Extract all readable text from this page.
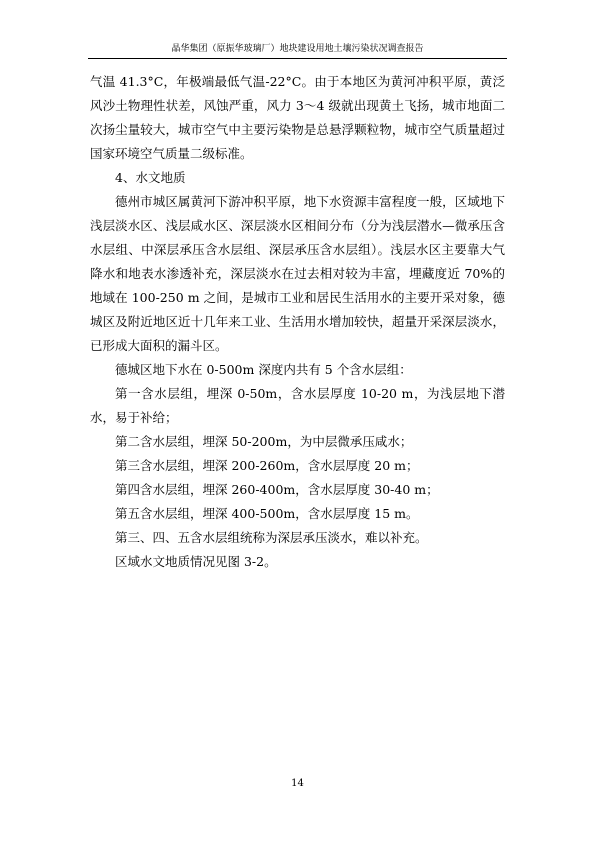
晶华集团（原振华玻璃厂）地块建设用地土壤污染状况调查报告

气温 41.3°C，年极端最低气温-22°C。由于本地区为黄河冲积平原，黄泛风沙土物理性状差，风蚀严重，风力 3～4 级就出现黄土飞扬，城市地面二次扬尘量较大，城市空气中主要污染物是总悬浮颗粒物，城市空气质量超过国家环境空气质量二级标准。

4、水文地质

德州市城区属黄河下游冲积平原，地下水资源丰富程度一般，区域地下浅层淡水区、浅层咸水区、深层淡水区相间分布（分为浅层潜水—微承压含水层组、中深层承压含水层组、深层承压含水层组）。浅层水区主要靠大气降水和地表水渗透补充，深层淡水在过去相对较为丰富，埋藏度近 70%的地域在 100-250 m 之间，是城市工业和居民生活用水的主要开采对象，德城区及附近地区近十几年来工业、生活用水增加较快，超量开采深层淡水，已形成大面积的漏斗区。

德城区地下水在 0-500m 深度内共有 5 个含水层组：

第一含水层组，埋深 0-50m，含水层厚度 10-20 m，为浅层地下潜水，易于补给；

第二含水层组，埋深 50-200m，为中层微承压咸水；

第三含水层组，埋深 200-260m，含水层厚度 20 m；

第四含水层组，埋深 260-400m，含水层厚度 30-40 m；

第五含水层组，埋深 400-500m，含水层厚度 15 m。

第三、四、五含水层组统称为深层承压淡水，难以补充。

区域水文地质情况见图 3-2。

14
